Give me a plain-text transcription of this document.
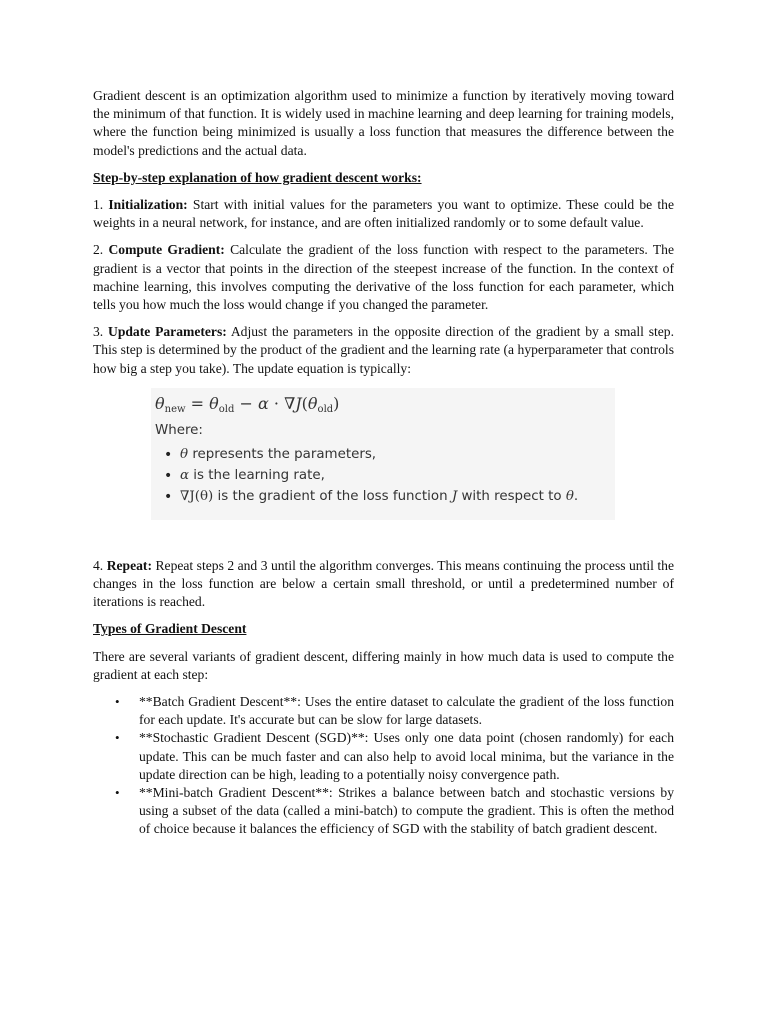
Gradient descent is an optimization algorithm used to minimize a function by iteratively moving toward the minimum of that function. It is widely used in machine learning and deep learning for training models, where the function being minimized is usually a loss function that measures the difference between the model's predictions and the actual data.

Step-by-step explanation of how gradient descent works:

1. Initialization: Start with initial values for the parameters you want to optimize. These could be the weights in a neural network, for instance, and are often initialized randomly or to some default value.

2. Compute Gradient: Calculate the gradient of the loss function with respect to the parameters. The gradient is a vector that points in the direction of the steepest increase of the function. In the context of machine learning, this involves computing the derivative of the loss function for each parameter, which tells you how much the loss would change if you changed the parameter.

3. Update Parameters: Adjust the parameters in the opposite direction of the gradient by a small step. This step is determined by the product of the gradient and the learning rate (a hyperparameter that controls how big a step you take). The update equation is typically:

$\theta_{new} = \theta_{old} - \alpha \cdot \nabla J(\theta_{old})$
Where:
• θ represents the parameters,
• α is the learning rate,
• ∇J(θ) is the gradient of the loss function J with respect to θ.

4. Repeat: Repeat steps 2 and 3 until the algorithm converges. This means continuing the process until the changes in the loss function are below a certain small threshold, or until a predetermined number of iterations is reached.

Types of Gradient Descent

There are several variants of gradient descent, differing mainly in how much data is used to compute the gradient at each step:

• **Batch Gradient Descent**: Uses the entire dataset to calculate the gradient of the loss function for each update. It's accurate but can be slow for large datasets.
• **Stochastic Gradient Descent (SGD)**: Uses only one data point (chosen randomly) for each update. This can be much faster and can also help to avoid local minima, but the variance in the update direction can be high, leading to a potentially noisy convergence path.
• **Mini-batch Gradient Descent**: Strikes a balance between batch and stochastic versions by using a subset of the data (called a mini-batch) to compute the gradient. This is often the method of choice because it balances the efficiency of SGD with the stability of batch gradient descent.
